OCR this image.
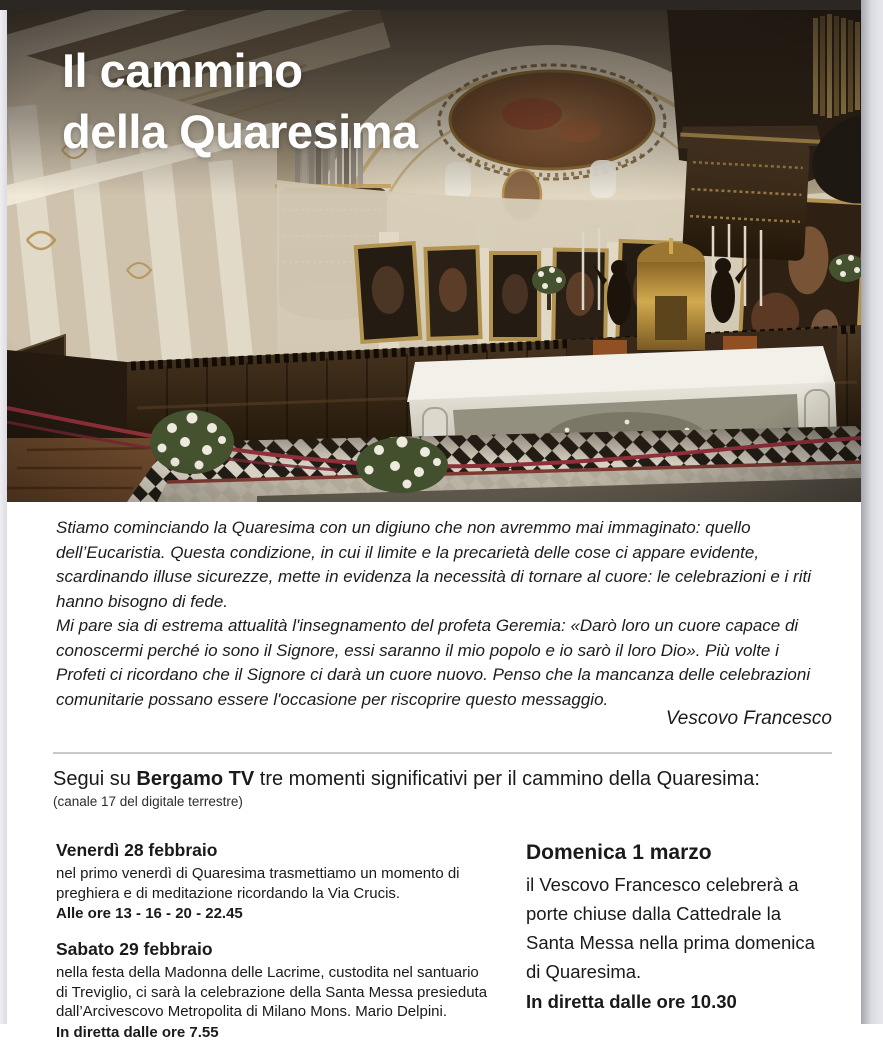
Il cammino
della Quaresima

Stiamo cominciando la Quaresima con un digiuno che non avremmo mai immaginato: quello dell’Eucaristia. Questa condizione, in cui il limite e la precarietà delle cose ci appare evidente, scardinando illuse sicurezze, mette in evidenza la necessità di tornare al cuore: le celebrazioni e i riti hanno bisogno di fede.

Mi pare sia di estrema attualità l'insegnamento del profeta Geremia: «Darò loro un cuore capace di conoscermi perché io sono il Signore, essi saranno il mio popolo e io sarò il loro Dio». Più volte i Profeti ci ricordano che il Signore ci darà un cuore nuovo. Penso che la mancanza delle celebrazioni comunitarie possano essere l'occasione per riscoprire questo messaggio.

Vescovo Francesco
Segui su Bergamo TV tre momenti significativi per il cammino della Quaresima:
(canale 17 del digitale terrestre)

Venerdì 28 febbraio

nel primo venerdì di Quaresima trasmettiamo un momento di preghiera e di meditazione ricordando la Via Crucis.

Alle ore 13 - 16 - 20 - 22.45

Sabato 29 febbraio

nella festa della Madonna delle Lacrime, custodita nel santuario di Treviglio, ci sarà la celebrazione della Santa Messa presieduta dall’Arcivescovo Metropolita di Milano Mons. Mario Delpini.

In diretta dalle ore 7.55

Domenica 1 marzo

il Vescovo Francesco celebrerà a porte chiuse dalla Cattedrale la Santa Messa nella prima domenica di Quaresima.

In diretta dalle ore 10.30
